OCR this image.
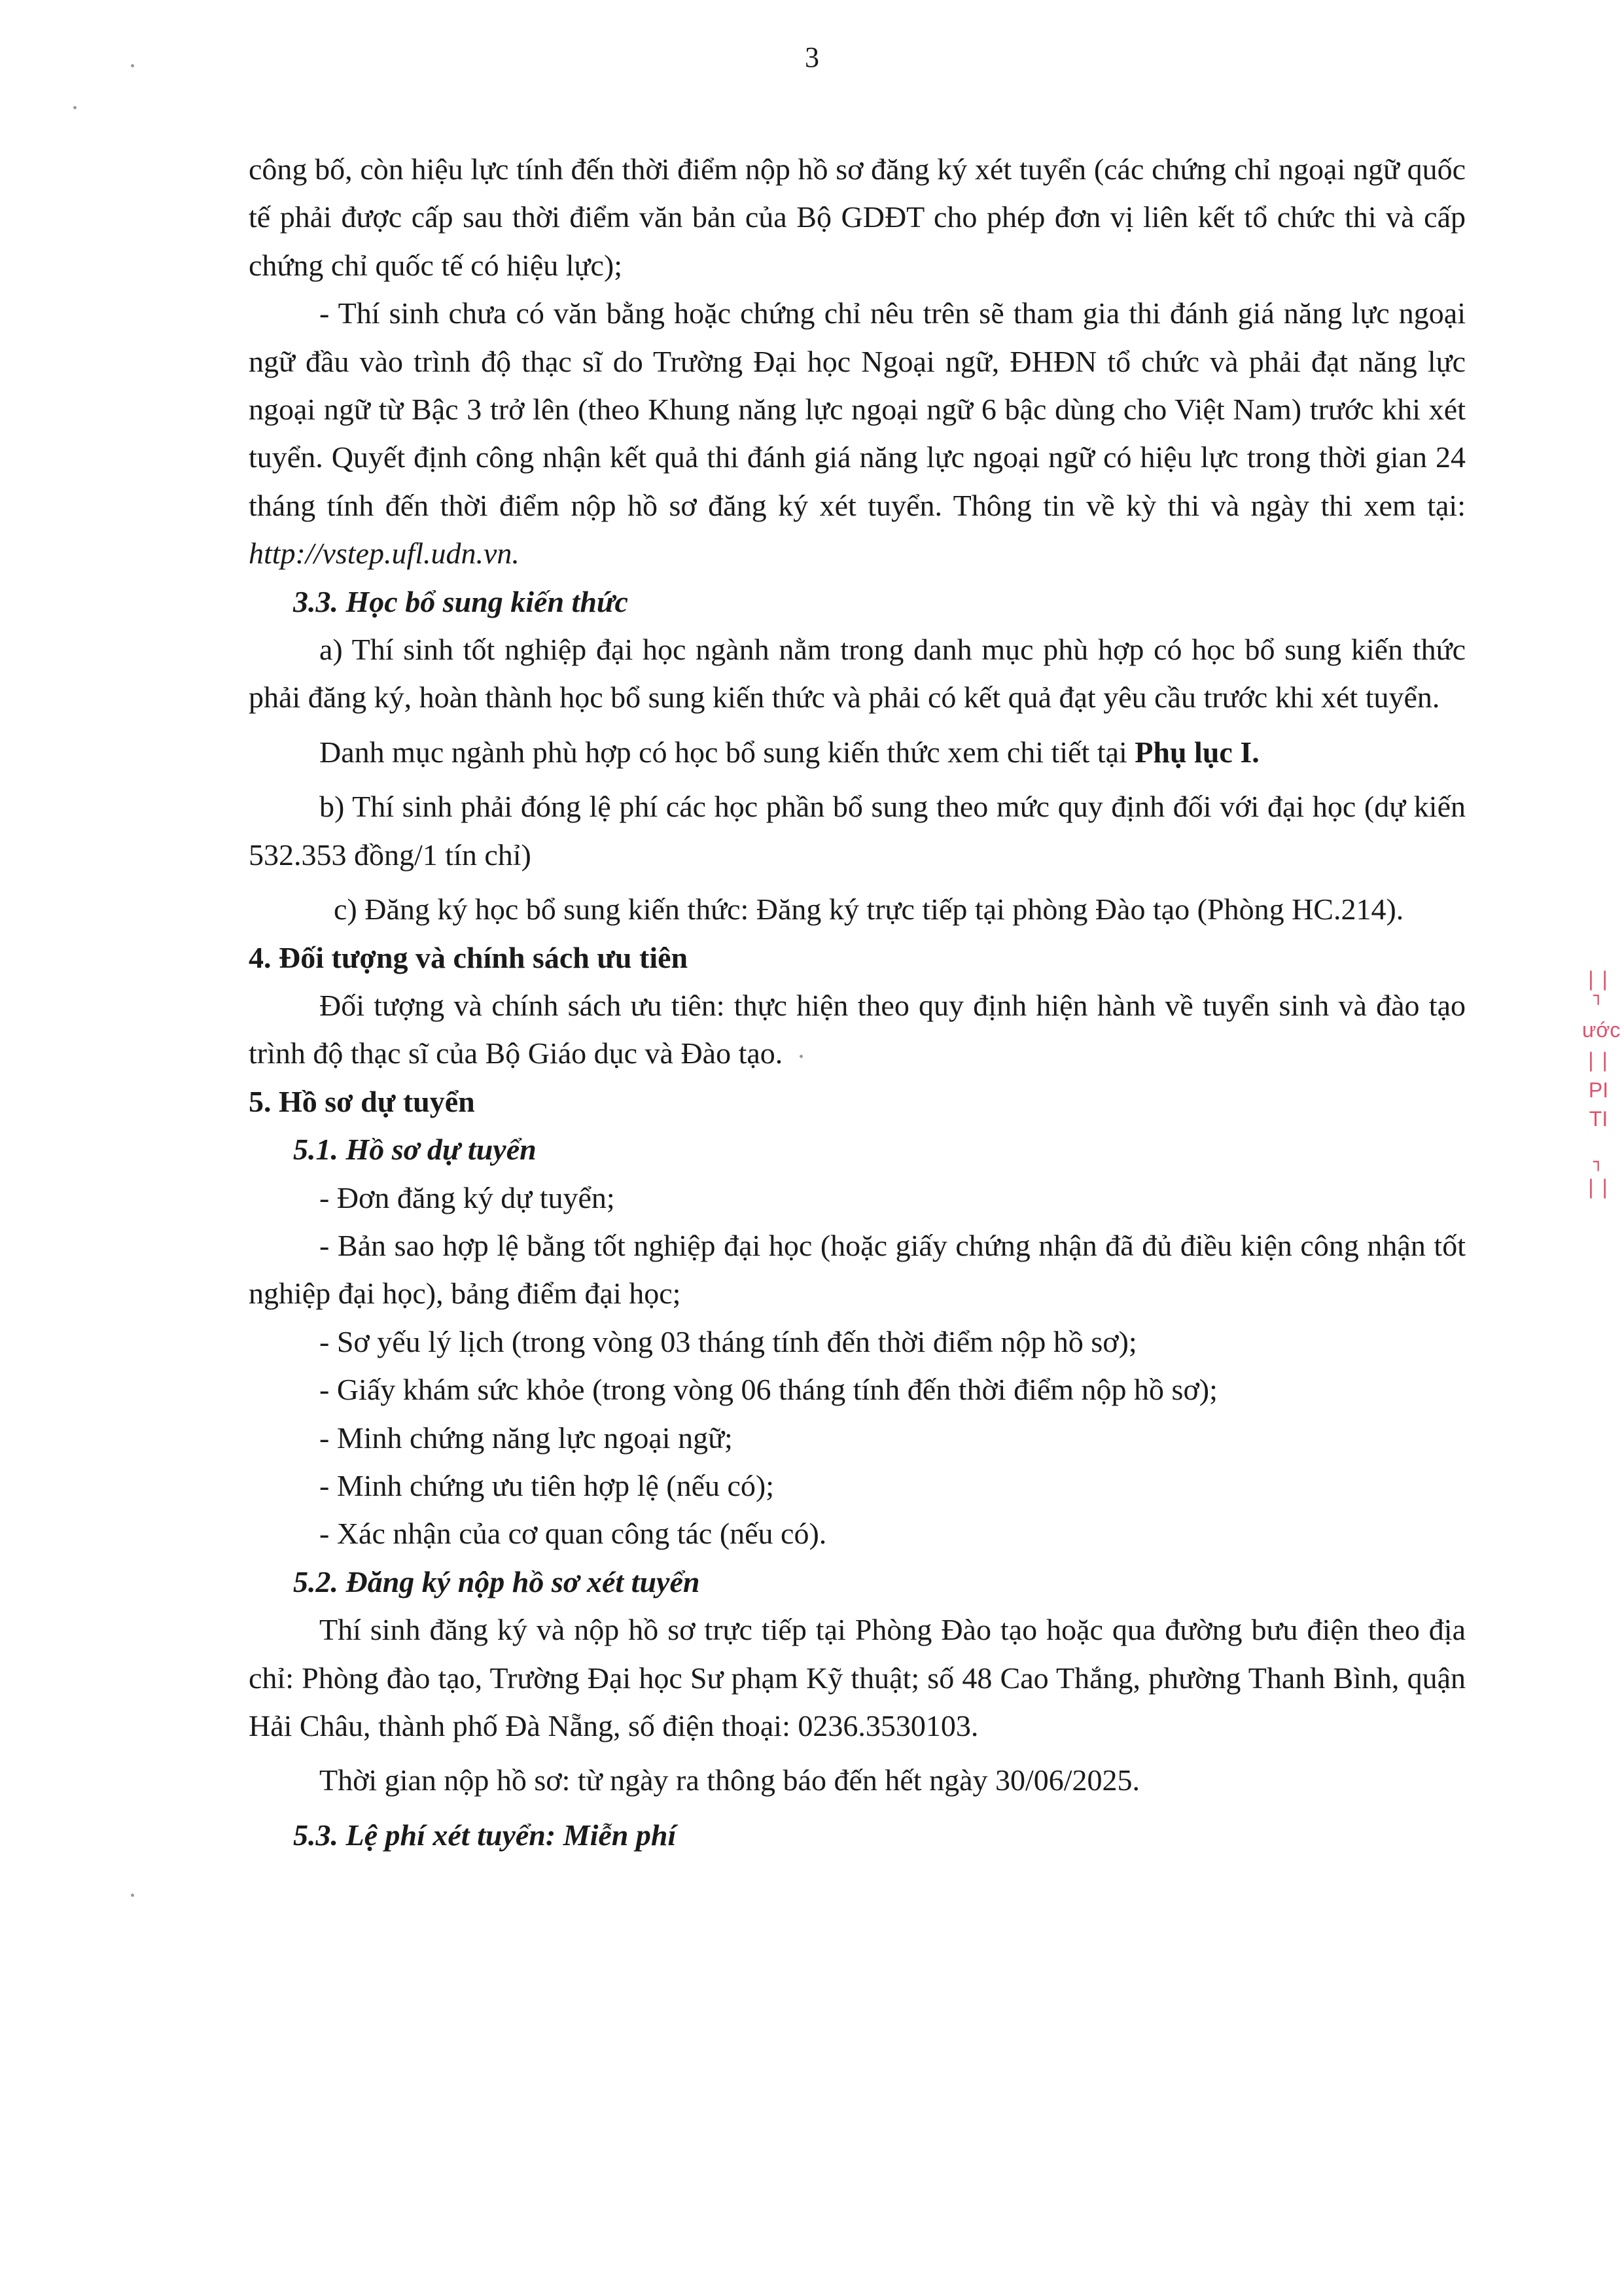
3

công bố, còn hiệu lực tính đến thời điểm nộp hồ sơ đăng ký xét tuyển (các chứng chỉ ngoại ngữ quốc tế phải được cấp sau thời điểm văn bản của Bộ GDĐT cho phép đơn vị liên kết tổ chức thi và cấp chứng chỉ quốc tế có hiệu lực);

- Thí sinh chưa có văn bằng hoặc chứng chỉ nêu trên sẽ tham gia thi đánh giá năng lực ngoại ngữ đầu vào trình độ thạc sĩ do Trường Đại học Ngoại ngữ, ĐHĐN tổ chức và phải đạt năng lực ngoại ngữ từ Bậc 3 trở lên (theo Khung năng lực ngoại ngữ 6 bậc dùng cho Việt Nam) trước khi xét tuyển. Quyết định công nhận kết quả thi đánh giá năng lực ngoại ngữ có hiệu lực trong thời gian 24 tháng tính đến thời điểm nộp hồ sơ đăng ký xét tuyển. Thông tin về kỳ thi và ngày thi xem tại: http://vstep.ufl.udn.vn.

3.3. Học bổ sung kiến thức

a) Thí sinh tốt nghiệp đại học ngành nằm trong danh mục phù hợp có học bổ sung kiến thức phải đăng ký, hoàn thành học bổ sung kiến thức và phải có kết quả đạt yêu cầu trước khi xét tuyển.

Danh mục ngành phù hợp có học bổ sung kiến thức xem chi tiết tại Phụ lục I.

b) Thí sinh phải đóng lệ phí các học phần bổ sung theo mức quy định đối với đại học (dự kiến 532.353 đồng/1 tín chỉ)

c) Đăng ký học bổ sung kiến thức: Đăng ký trực tiếp tại phòng Đào tạo (Phòng HC.214).

4. Đối tượng và chính sách ưu tiên

Đối tượng và chính sách ưu tiên: thực hiện theo quy định hiện hành về tuyển sinh và đào tạo trình độ thạc sĩ của Bộ Giáo dục và Đào tạo.

5. Hồ sơ dự tuyển

5.1. Hồ sơ dự tuyển

- Đơn đăng ký dự tuyển;

- Bản sao hợp lệ bằng tốt nghiệp đại học (hoặc giấy chứng nhận đã đủ điều kiện công nhận tốt nghiệp đại học), bảng điểm đại học;

- Sơ yếu lý lịch (trong vòng 03 tháng tính đến thời điểm nộp hồ sơ);

- Giấy khám sức khỏe (trong vòng 06 tháng tính đến thời điểm nộp hồ sơ);

- Minh chứng năng lực ngoại ngữ;

- Minh chứng ưu tiên hợp lệ (nếu có);

- Xác nhận của cơ quan công tác (nếu có).

5.2. Đăng ký nộp hồ sơ xét tuyển

Thí sinh đăng ký và nộp hồ sơ trực tiếp tại Phòng Đào tạo hoặc qua đường bưu điện theo địa chỉ: Phòng đào tạo, Trường Đại học Sư phạm Kỹ thuật; số 48 Cao Thắng, phường Thanh Bình, quận Hải Châu, thành phố Đà Nẵng, số điện thoại: 0236.3530103.

Thời gian nộp hồ sơ: từ ngày ra thông báo đến hết ngày 30/06/2025.

5.3. Lệ phí xét tuyển: Miễn phí

| |
⌐
ước
| |
PI
TI
⌐
| |
